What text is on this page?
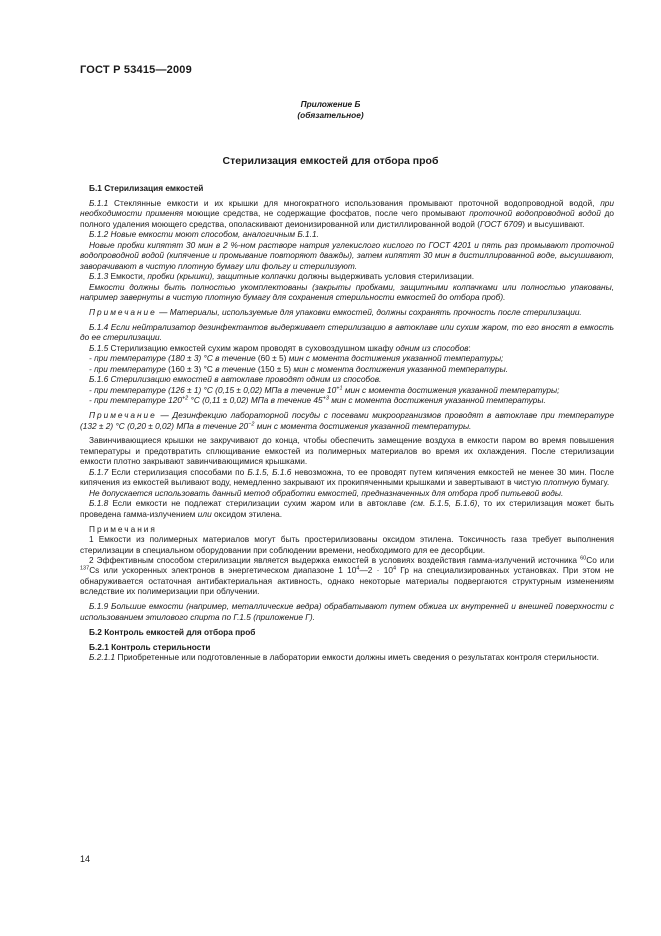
ГОСТ Р 53415—2009
Приложение Б
(обязательное)
Стерилизация емкостей для отбора проб

Б.1 Стерилизация емкостей

Б.1.1 Стеклянные емкости и их крышки для многократного использования промывают проточной водопроводной водой, при необходимости применяя моющие средства, не содержащие фосфатов, после чего промывают проточной водопроводной водой до полного удаления моющего средства, ополаскивают деионизированной или дистиллированной водой (ГОСТ 6709) и высушивают.

Б.1.2 Новые емкости моют способом, аналогичным Б.1.1.

Новые пробки кипятят 30 мин в 2 %-ном растворе натрия углекислого кислого по ГОСТ 4201 и пять раз промывают проточной водопроводной водой (кипячение и промывание повторяют дважды), затем кипятят 30 мин в дистиллированной воде, высушивают, заворачивают в чистую плотную бумагу или фольгу и стерилизуют.

Б.1.3 Емкости, пробки (крышки), защитные колпачки должны выдерживать условия стерилизации.

Емкости должны быть полностью укомплектованы (закрыты пробками, защитными колпачками или полностью упакованы, например завернуты в чистую плотную бумагу для сохранения стерильности емкостей до отбора проб).

Примечание — Материалы, используемые для упаковки емкостей, должны сохранять прочность после стерилизации.

Б.1.4 Если нейтрализатор дезинфектантов выдерживает стерилизацию в автоклаве или сухим жаром, то его вносят в емкость до ее стерилизации.

Б.1.5 Стерилизацию емкостей сухим жаром проводят в суховоздушном шкафу одним из способов:

- при температуре (180 ± 3) °C в течение (60 ± 5) мин с момента достижения указанной температуры;

- при температуре (160 ± 3) °C в течение (150 ± 5) мин с момента достижения указанной температуры.

Б.1.6 Стерилизацию емкостей в автоклаве проводят одним из способов.

- при температуре (126 ± 1) °C (0,15 ± 0,02) МПа в течение $10^{+1}$ мин с момента достижения указанной температуры;

- при температуре $120^{+2}$ °C (0,11 ± 0,02) МПа в течение $45^{+3}$ мин с момента достижения указанной температуры.

Примечание — Дезинфекцию лабораторной посуды с посевами микроорганизмов проводят в автоклаве при температуре (132 ± 2) °C (0,20 ± 0,02) МПа в течение $20^{-2}$ мин с момента достижения указанной температуры.

Завинчивающиеся крышки не закручивают до конца, чтобы обеспечить замещение воздуха в емкости паром во время повышения температуры и предотвратить сплющивание емкостей из полимерных материалов во время их охлаждения. После стерилизации емкости плотно закрывают завинчивающимися крышками.

Б.1.7 Если стерилизация способами по Б.1.5, Б.1.6 невозможна, то ее проводят путем кипячения емкостей не менее 30 мин. После кипячения из емкостей выливают воду, немедленно закрывают их прокипяченными крышками и завертывают в чистую плотную бумагу.

Не допускается использовать данный метод обработки емкостей, предназначенных для отбора проб питьевой воды.

Б.1.8 Если емкости не подлежат стерилизации сухим жаром или в автоклаве (см. Б.1.5, Б.1.6), то их стерилизация может быть проведена гамма-излучением или оксидом этилена.

Примечания

1 Емкости из полимерных материалов могут быть простерилизованы оксидом этилена. Токсичность газа требует выполнения стерилизации в специальном оборудовании при соблюдении времени, необходимого для ее десорбции.

2 Эффективным способом стерилизации является выдержка емкостей в условиях воздействия гамма-излучений источника $^{60}$Co или $^{137}$Cs или ускоренных электронов в энергетическом диапазоне 1 $10^4—2 \cdot 10^4$ Гр на специализированных установках. При этом не обнаруживается остаточная антибактериальная активность, однако некоторые материалы подвергаются структурным изменениям вследствие их полимеризации при облучении.

Б.1.9 Большие емкости (например, металлические ведра) обрабатывают путем обжига их внутренней и внешней поверхности с использованием этилового спирта по Г.1.5 (приложение Г).

Б.2 Контроль емкостей для отбора проб

Б.2.1 Контроль стерильности

Б.2.1.1 Приобретенные или подготовленные в лаборатории емкости должны иметь сведения о результатах контроля стерильности.

14
